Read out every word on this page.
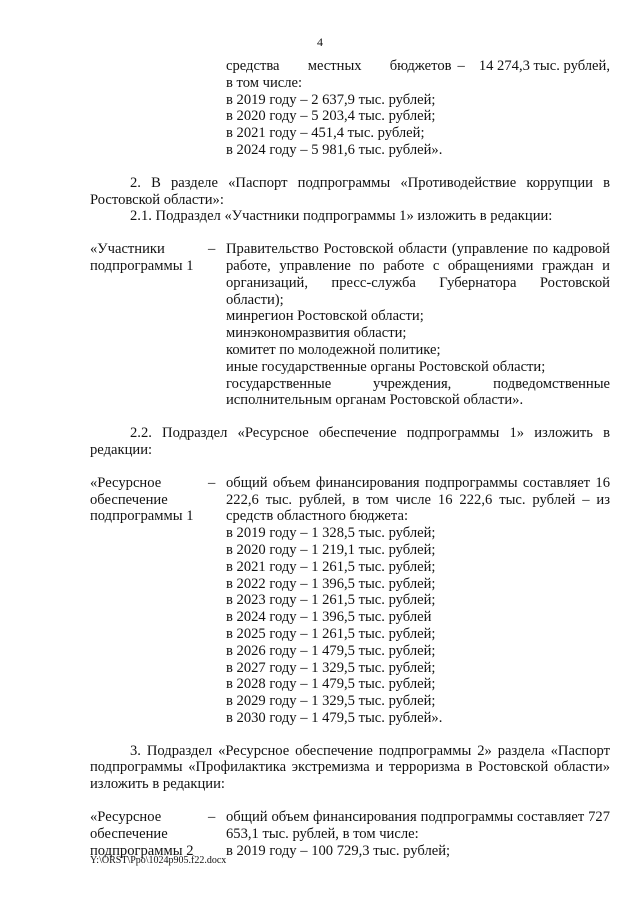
4
средства местных бюджетов – 14 274,3 тыс. рублей,
в том числе:
в 2019 году – 2 637,9 тыс. рублей;
в 2020 году – 5 203,4 тыс. рублей;
в 2021 году – 451,4 тыс. рублей;
в 2024 году – 5 981,6 тыс. рублей».

2. В разделе «Паспорт подпрограммы «Противодействие коррупции в Ростовской области»:

2.1. Подраздел «Участники подпрограммы 1» изложить в редакции:

«Участники
подпрограммы 1
– Правительство Ростовской области (управление по кадровой работе, управление по работе с обращениями граждан и организаций, пресс-служба Губернатора Ростовской области);

минрегион Ростовской области;

минэкономразвития области;

комитет по молодежной политике;

иные государственные органы Ростовской области;

государственные учреждения, подведомственные исполнительным органам Ростовской области».

2.2. Подраздел «Ресурсное обеспечение подпрограммы 1» изложить в редакции:

«Ресурсное
обеспечение
подпрограммы 1
– общий объем финансирования подпрограммы составляет 16 222,6 тыс. рублей, в том числе 16 222,6 тыс. рублей – из средств областного бюджета:

в 2019 году – 1 328,5 тыс. рублей;
в 2020 году – 1 219,1 тыс. рублей;
в 2021 году – 1 261,5 тыс. рублей;
в 2022 году – 1 396,5 тыс. рублей;
в 2023 году – 1 261,5 тыс. рублей;
в 2024 году – 1 396,5 тыс. рублей
в 2025 году – 1 261,5 тыс. рублей;
в 2026 году – 1 479,5 тыс. рублей;
в 2027 году – 1 329,5 тыс. рублей;
в 2028 году – 1 479,5 тыс. рублей;
в 2029 году – 1 329,5 тыс. рублей;
в 2030 году – 1 479,5 тыс. рублей».

3. Подраздел «Ресурсное обеспечение подпрограммы 2» раздела «Паспорт подпрограммы «Профилактика экстремизма и терроризма в Ростовской области» изложить в редакции:

«Ресурсное
обеспечение
подпрограммы 2
– общий объем финансирования подпрограммы составляет 727 653,1 тыс. рублей, в том числе:

в 2019 году – 100 729,3 тыс. рублей;
Y:\ORST\Ppo\1024p905.f22.docx
